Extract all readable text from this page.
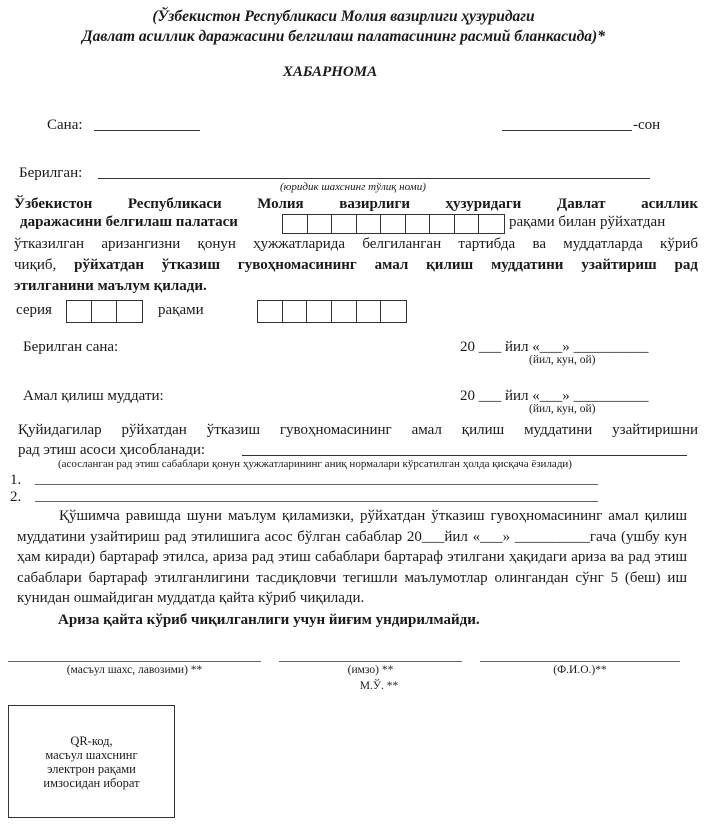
(Ўзбекистон Республикаси Молия вазирлиги ҳузуридаги
Давлат асиллик даражасини белгилаш палатасининг расмий бланкасида)*
ХАБАРНОМА
Сана:	-сон
Берилган:
(юридик шахснинг тўлиқ номи)
Ўзбекистон Республикаси Молия вазирлиги ҳузуридаги Давлат асиллик
даражасини белгилаш палатаси	рақами билан рўйхатдан
ўтказилган аризангизни қонун ҳужжатларида белгиланган тартибда ва муддатларда кўриб
чиқиб, рўйхатдан ўтказиш гувоҳномасининг амал қилиш муддатини узайтириш рад
этилганини маълум қилади.
серия	рақами
Берилган сана:	20 ___ йил «___» __________
(йил, кун, ой)
Амал қилиш муддати:	20 ___ йил «___» __________
(йил, кун, ой)
Қуйидагилар рўйхатдан ўтказиш гувоҳномасининг амал қилиш муддатини узайтиришни
рад этиш асоси ҳисобланади:
(асосланган рад этиш сабаблари қонун ҳужжатларининг аниқ нормалари кўрсатилган ҳолда қисқача ёзилади)
1.
2.
Қўшимча равишда шуни маълум қиламизки, рўйхатдан ўтказиш гувоҳномасининг амал қилиш муддатини узайтириш рад этилишига асос бўлган сабаблар 20___йил «___» __________гача (ушбу кун ҳам киради) бартараф этилса, ариза рад этиш сабаблари бартараф этилгани ҳақидаги ариза ва рад этиш сабаблари бартараф этилганлигини тасдиқловчи тегишли маълумотлар олингандан сўнг 5 (беш) иш кунидан ошмайдиган муддатда қайта кўриб чиқилади.
Ариза қайта кўриб чиқилганлиги учун йиғим ундирилмайди.
(масъул шахс, лавозими) **	(имзо) **	(Ф.И.О.)**
М.Ў. **
QR-код,
масъул шахснинг
электрон рақами
имзосидан иборат
